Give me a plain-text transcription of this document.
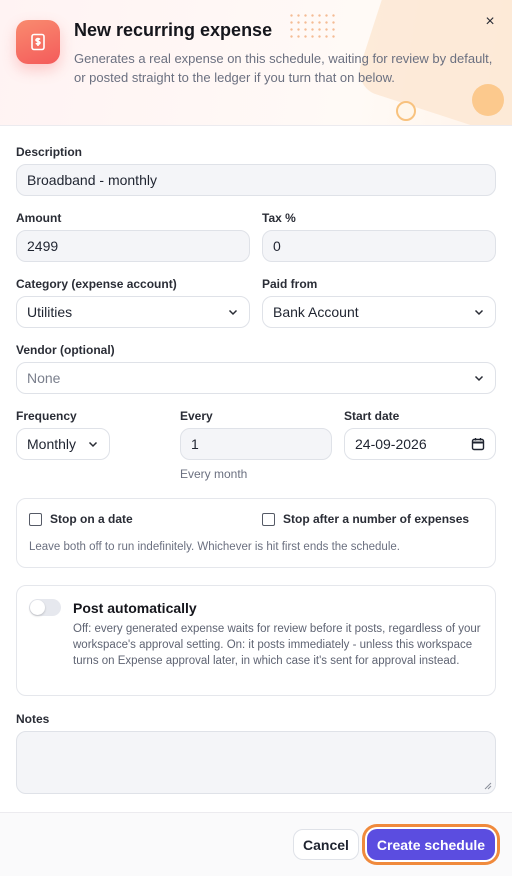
New recurring expense
Generates a real expense on this schedule, waiting for review by default, or posted straight to the ledger if you turn that on below.
×
Description
Broadband - monthly
Amount
2499
Tax %
0
Category (expense account)
Utilities
Paid from
Bank Account
Vendor (optional)
None
Frequency
Monthly
Every
1
Every month
Start date
24-09-2026
Stop on a date	Stop after a number of expenses
Leave both off to run indefinitely. Whichever is hit first ends the schedule.
Post automatically
Off: every generated expense waits for review before it posts, regardless of your workspace's approval setting. On: it posts immediately - unless this workspace turns on Expense approval later, in which case it's sent for approval instead.
Notes
Cancel	Create schedule
